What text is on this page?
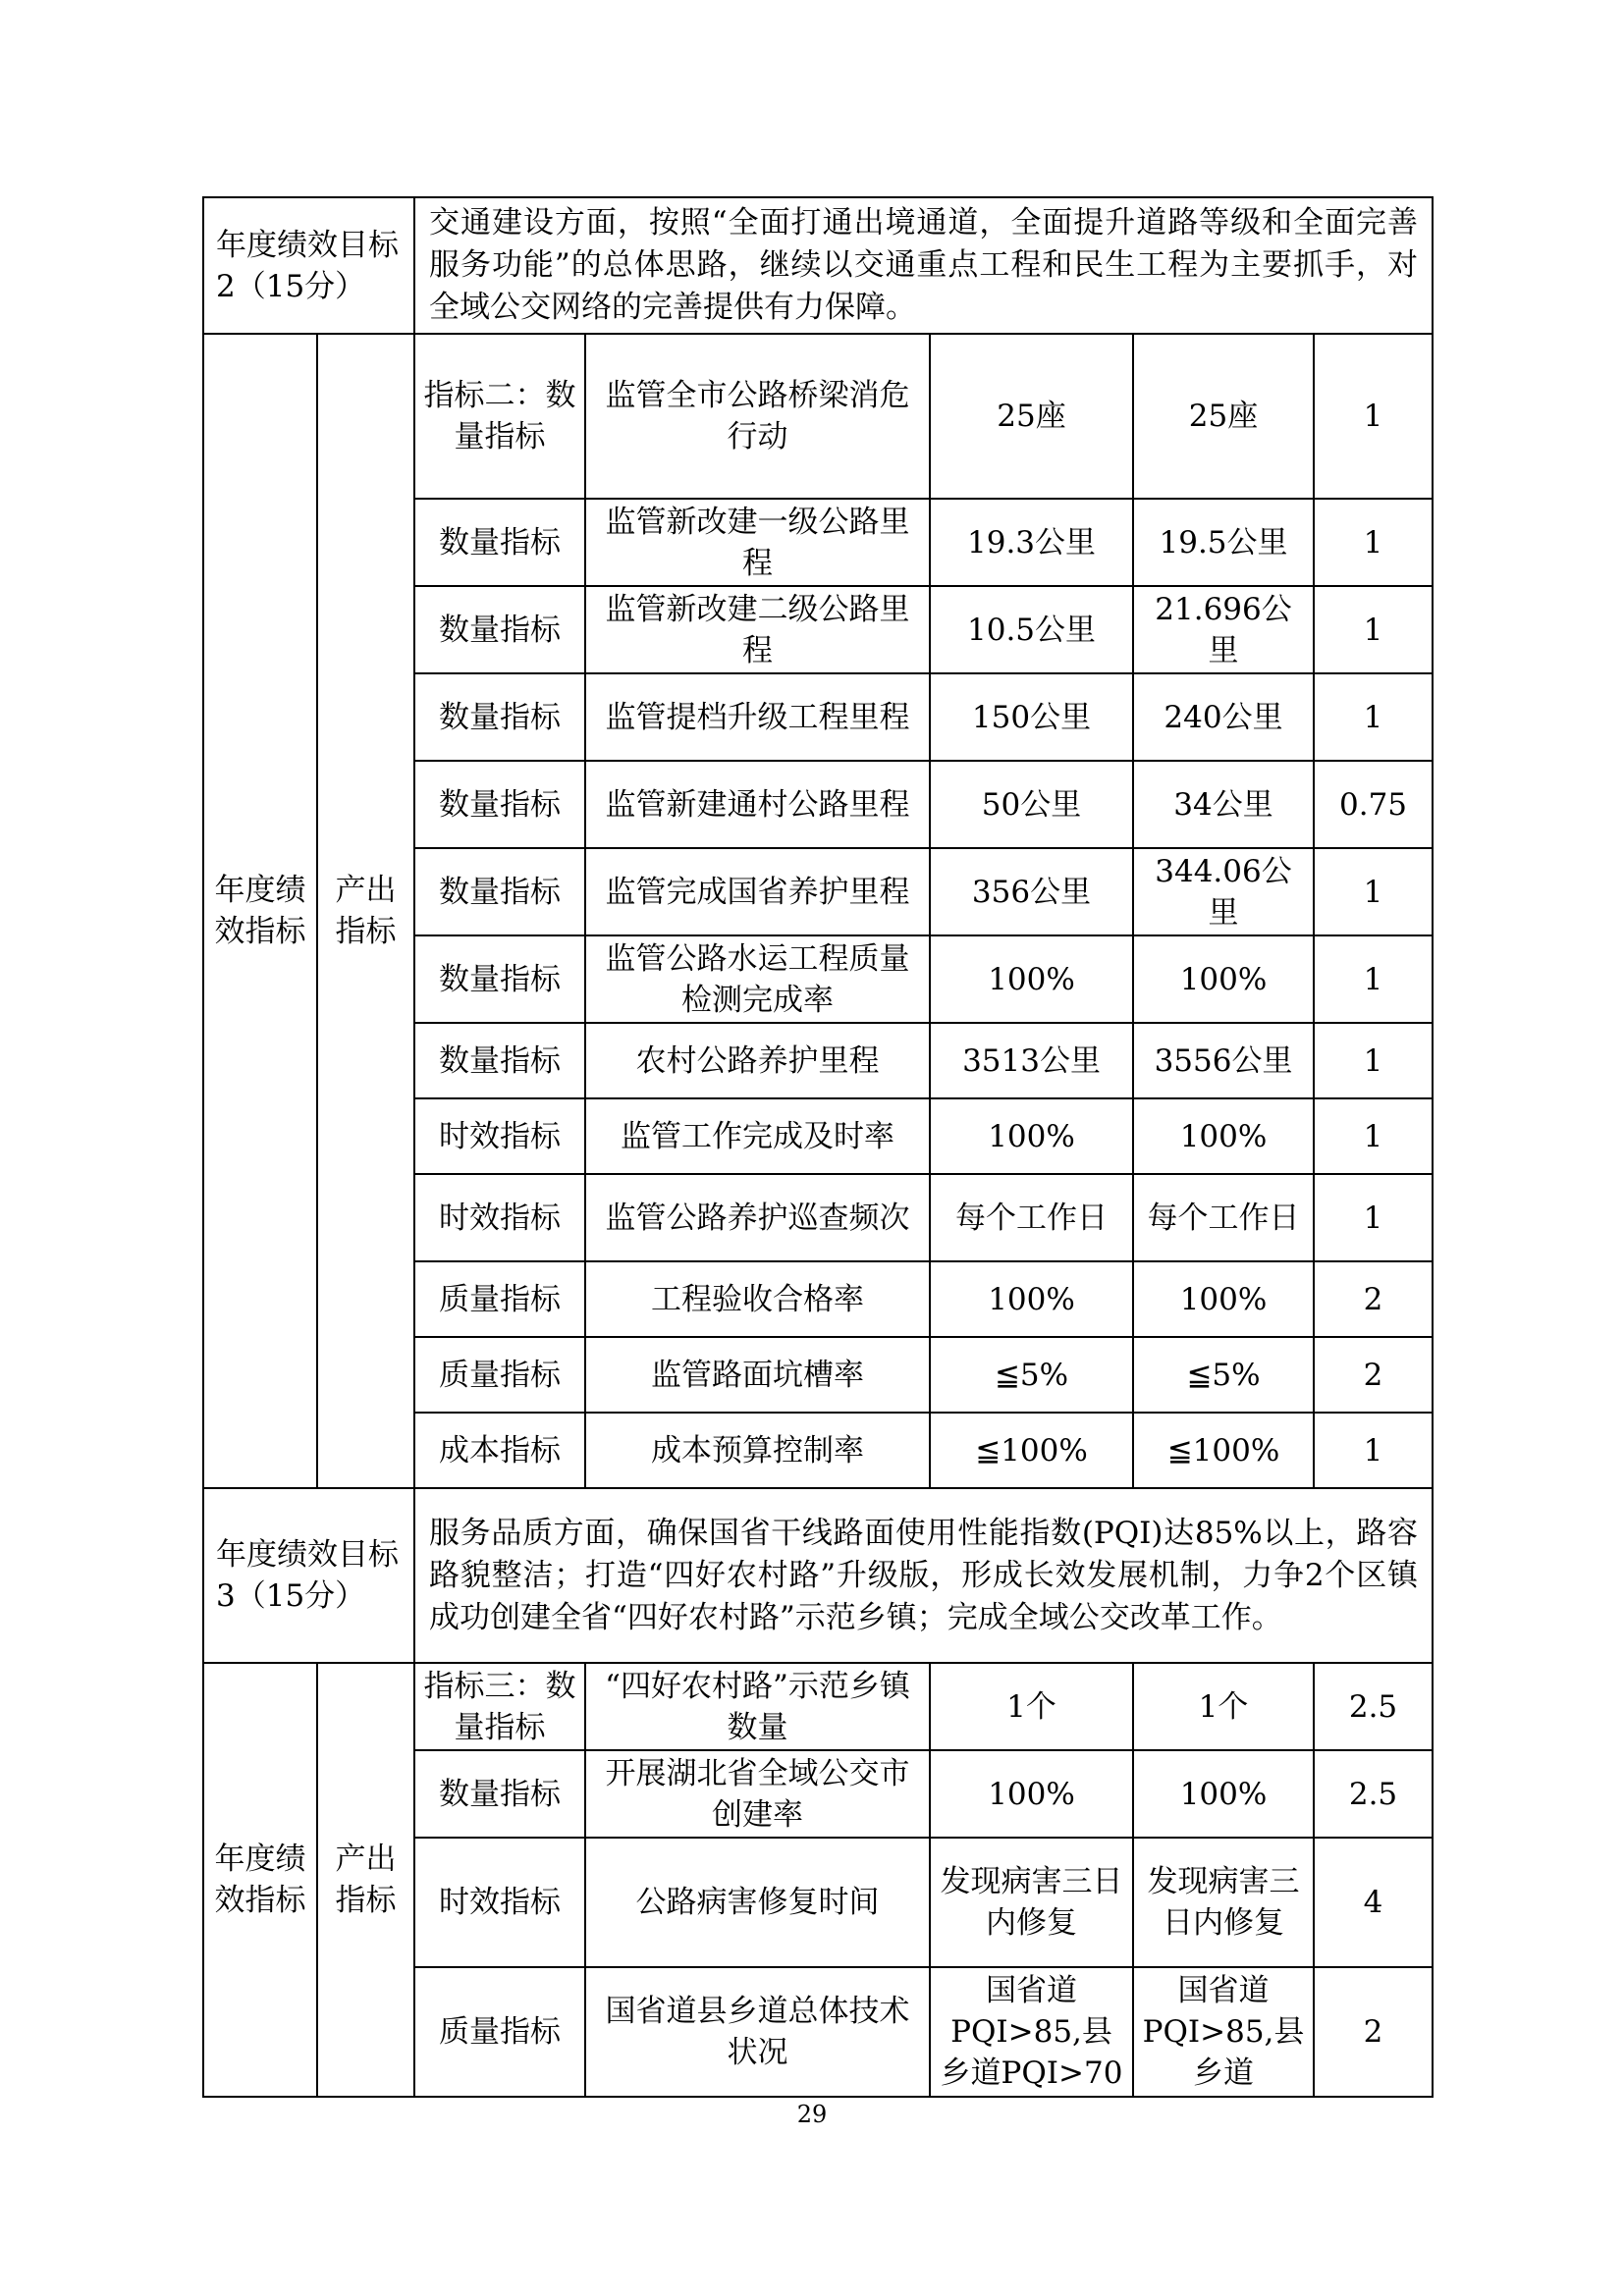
年度绩效目标2（15分）		交通建设方面，按照“全面打通出境通道，全面提升道路等级和全面完善服务功能”的总体思路，继续以交通重点工程和民生工程为主要抓手，对全域公交网络的完善提供有力保障。				
年度绩效指标	产出指标	指标二：数量指标	监管全市公路桥梁消危行动	25座	25座	1
		数量指标	监管新改建一级公路里程	19.3公里	19.5公里	1
		数量指标	监管新改建二级公路里程	10.5公里	21.696公里	1
		数量指标	监管提档升级工程里程	150公里	240公里	1
		数量指标	监管新建通村公路里程	50公里	34公里	0.75
		数量指标	监管完成国省养护里程	356公里	344.06公里	1
		数量指标	监管公路水运工程质量检测完成率	100%	100%	1
		数量指标	农村公路养护里程	3513公里	3556公里	1
		时效指标	监管工作完成及时率	100%	100%	1
		时效指标	监管公路养护巡查频次	每个工作日	每个工作日	1
		质量指标	工程验收合格率	100%	100%	2
		质量指标	监管路面坑槽率	≦5%	≦5%	2
		成本指标	成本预算控制率	≦100%	≦100%	1
年度绩效目标3（15分）		服务品质方面，确保国省干线路面使用性能指数(PQI)达85%以上，路容路貌整洁；打造“四好农村路”升级版，形成长效发展机制，力争2个区镇成功创建全省“四好农村路”示范乡镇；完成全域公交改革工作。				
年度绩效指标	产出指标	指标三：数量指标	“四好农村路”示范乡镇数量	1个	1个	2.5
		数量指标	开展湖北省全域公交市创建率	100%	100%	2.5
		时效指标	公路病害修复时间	发现病害三日内修复	发现病害三日内修复	4
		质量指标	国省道县乡道总体技术状况	国省道PQI>85,县乡道PQI>70	国省道PQI>85,县乡道	2
29
